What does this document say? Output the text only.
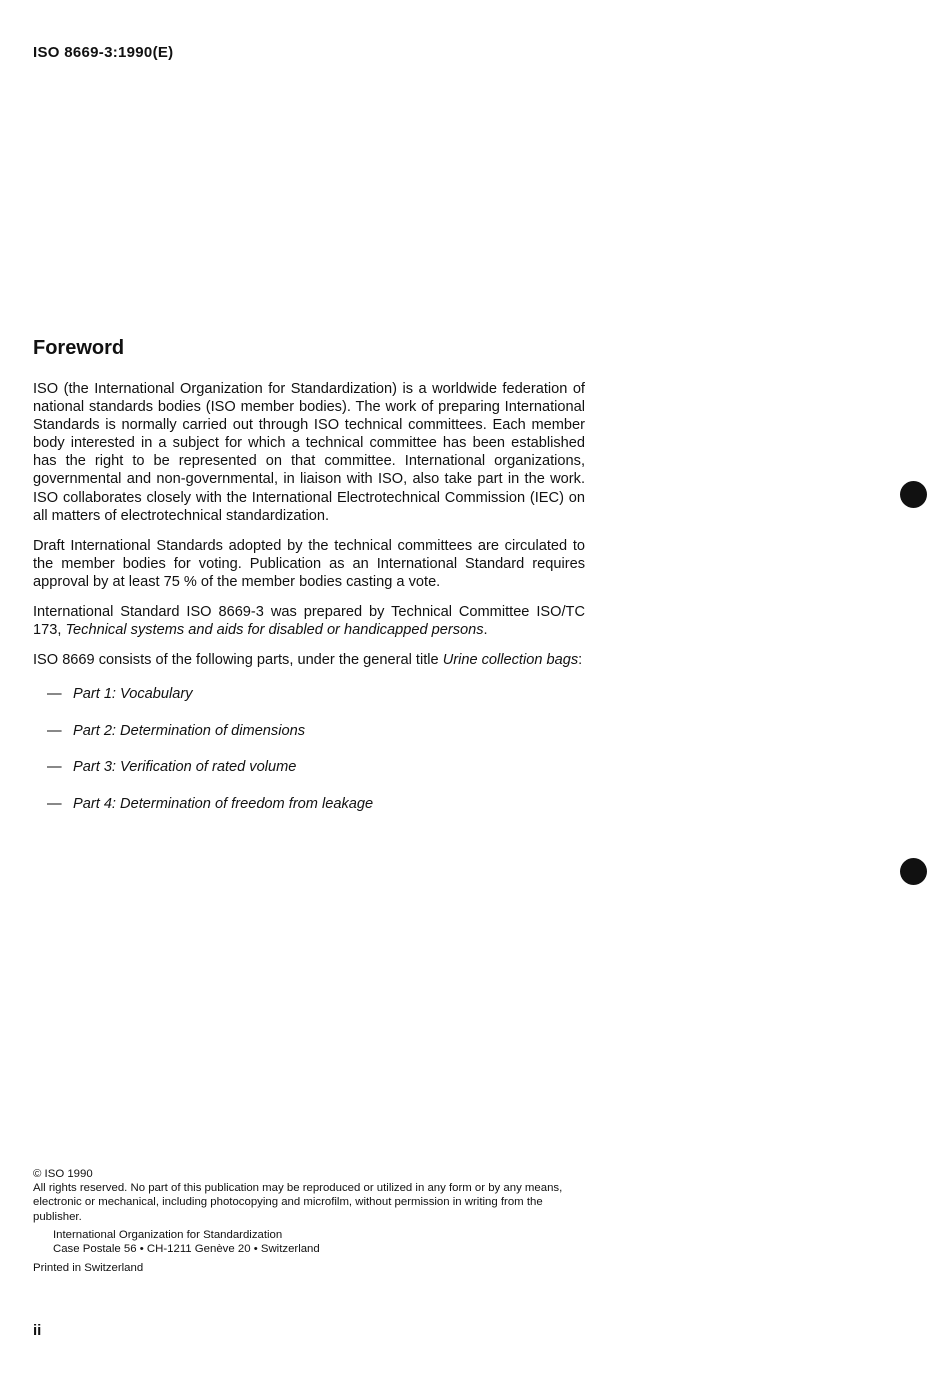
ISO 8669-3:1990(E)
Foreword

ISO (the International Organization for Standardization) is a worldwide federation of national standards bodies (ISO member bodies). The work of preparing International Standards is normally carried out through ISO technical committees. Each member body interested in a subject for which a technical committee has been established has the right to be represented on that committee. International organizations, governmental and non-governmental, in liaison with ISO, also take part in the work. ISO collaborates closely with the International Electrotechnical Commission (IEC) on all matters of electrotechnical standardization.

Draft International Standards adopted by the technical committees are circulated to the member bodies for voting. Publication as an International Standard requires approval by at least 75 % of the member bodies casting a vote.

International Standard ISO 8669-3 was prepared by Technical Committee ISO/TC 173, Technical systems and aids for disabled or handicapped persons.

ISO 8669 consists of the following parts, under the general title Urine collection bags:

— Part 1: Vocabulary
— Part 2: Determination of dimensions
— Part 3: Verification of rated volume
— Part 4: Determination of freedom from leakage
© ISO 1990
All rights reserved. No part of this publication may be reproduced or utilized in any form or by any means, electronic or mechanical, including photocopying and microfilm, without permission in writing from the publisher.
International Organization for Standardization
Case Postale 56 • CH-1211 Genève 20 • Switzerland
Printed in Switzerland
ii
